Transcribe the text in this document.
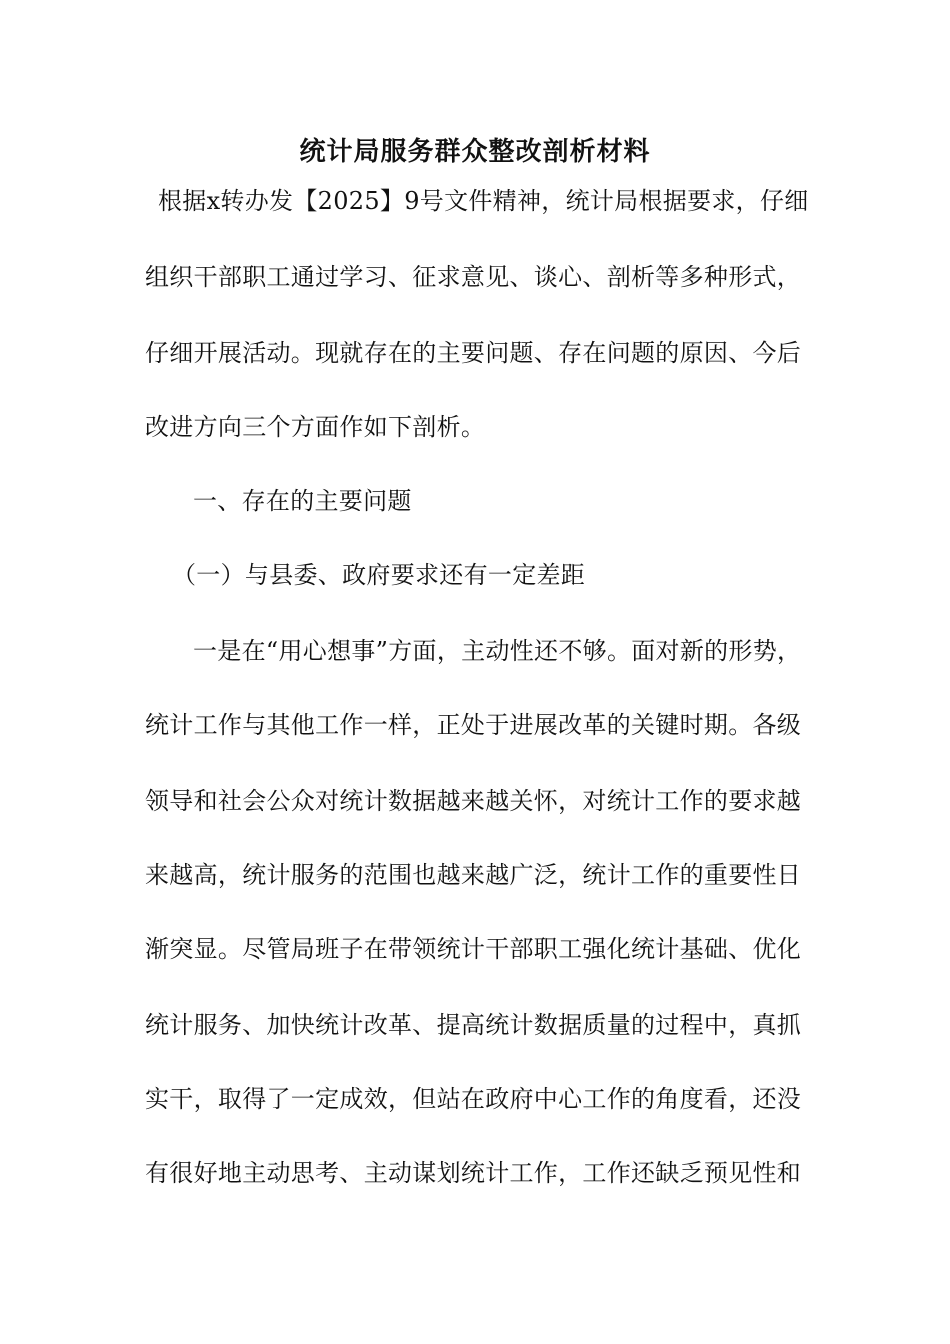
统计局服务群众整改剖析材料
根据x转办发【2025】9号文件精神，统计局根据要求，仔细
组织干部职工通过学习、征求意见、谈心、剖析等多种形式，
仔细开展活动。现就存在的主要问题、存在问题的原因、今后
改进方向三个方面作如下剖析。
一、存在的主要问题
（一）与县委、政府要求还有一定差距
一是在“用心想事”方面，主动性还不够。面对新的形势，
统计工作与其他工作一样，正处于进展改革的关键时期。各级
领导和社会公众对统计数据越来越关怀，对统计工作的要求越
来越高，统计服务的范围也越来越广泛，统计工作的重要性日
渐突显。尽管局班子在带领统计干部职工强化统计基础、优化
统计服务、加快统计改革、提高统计数据质量的过程中，真抓
实干，取得了一定成效，但站在政府中心工作的角度看，还没
有很好地主动思考、主动谋划统计工作，工作还缺乏预见性和
